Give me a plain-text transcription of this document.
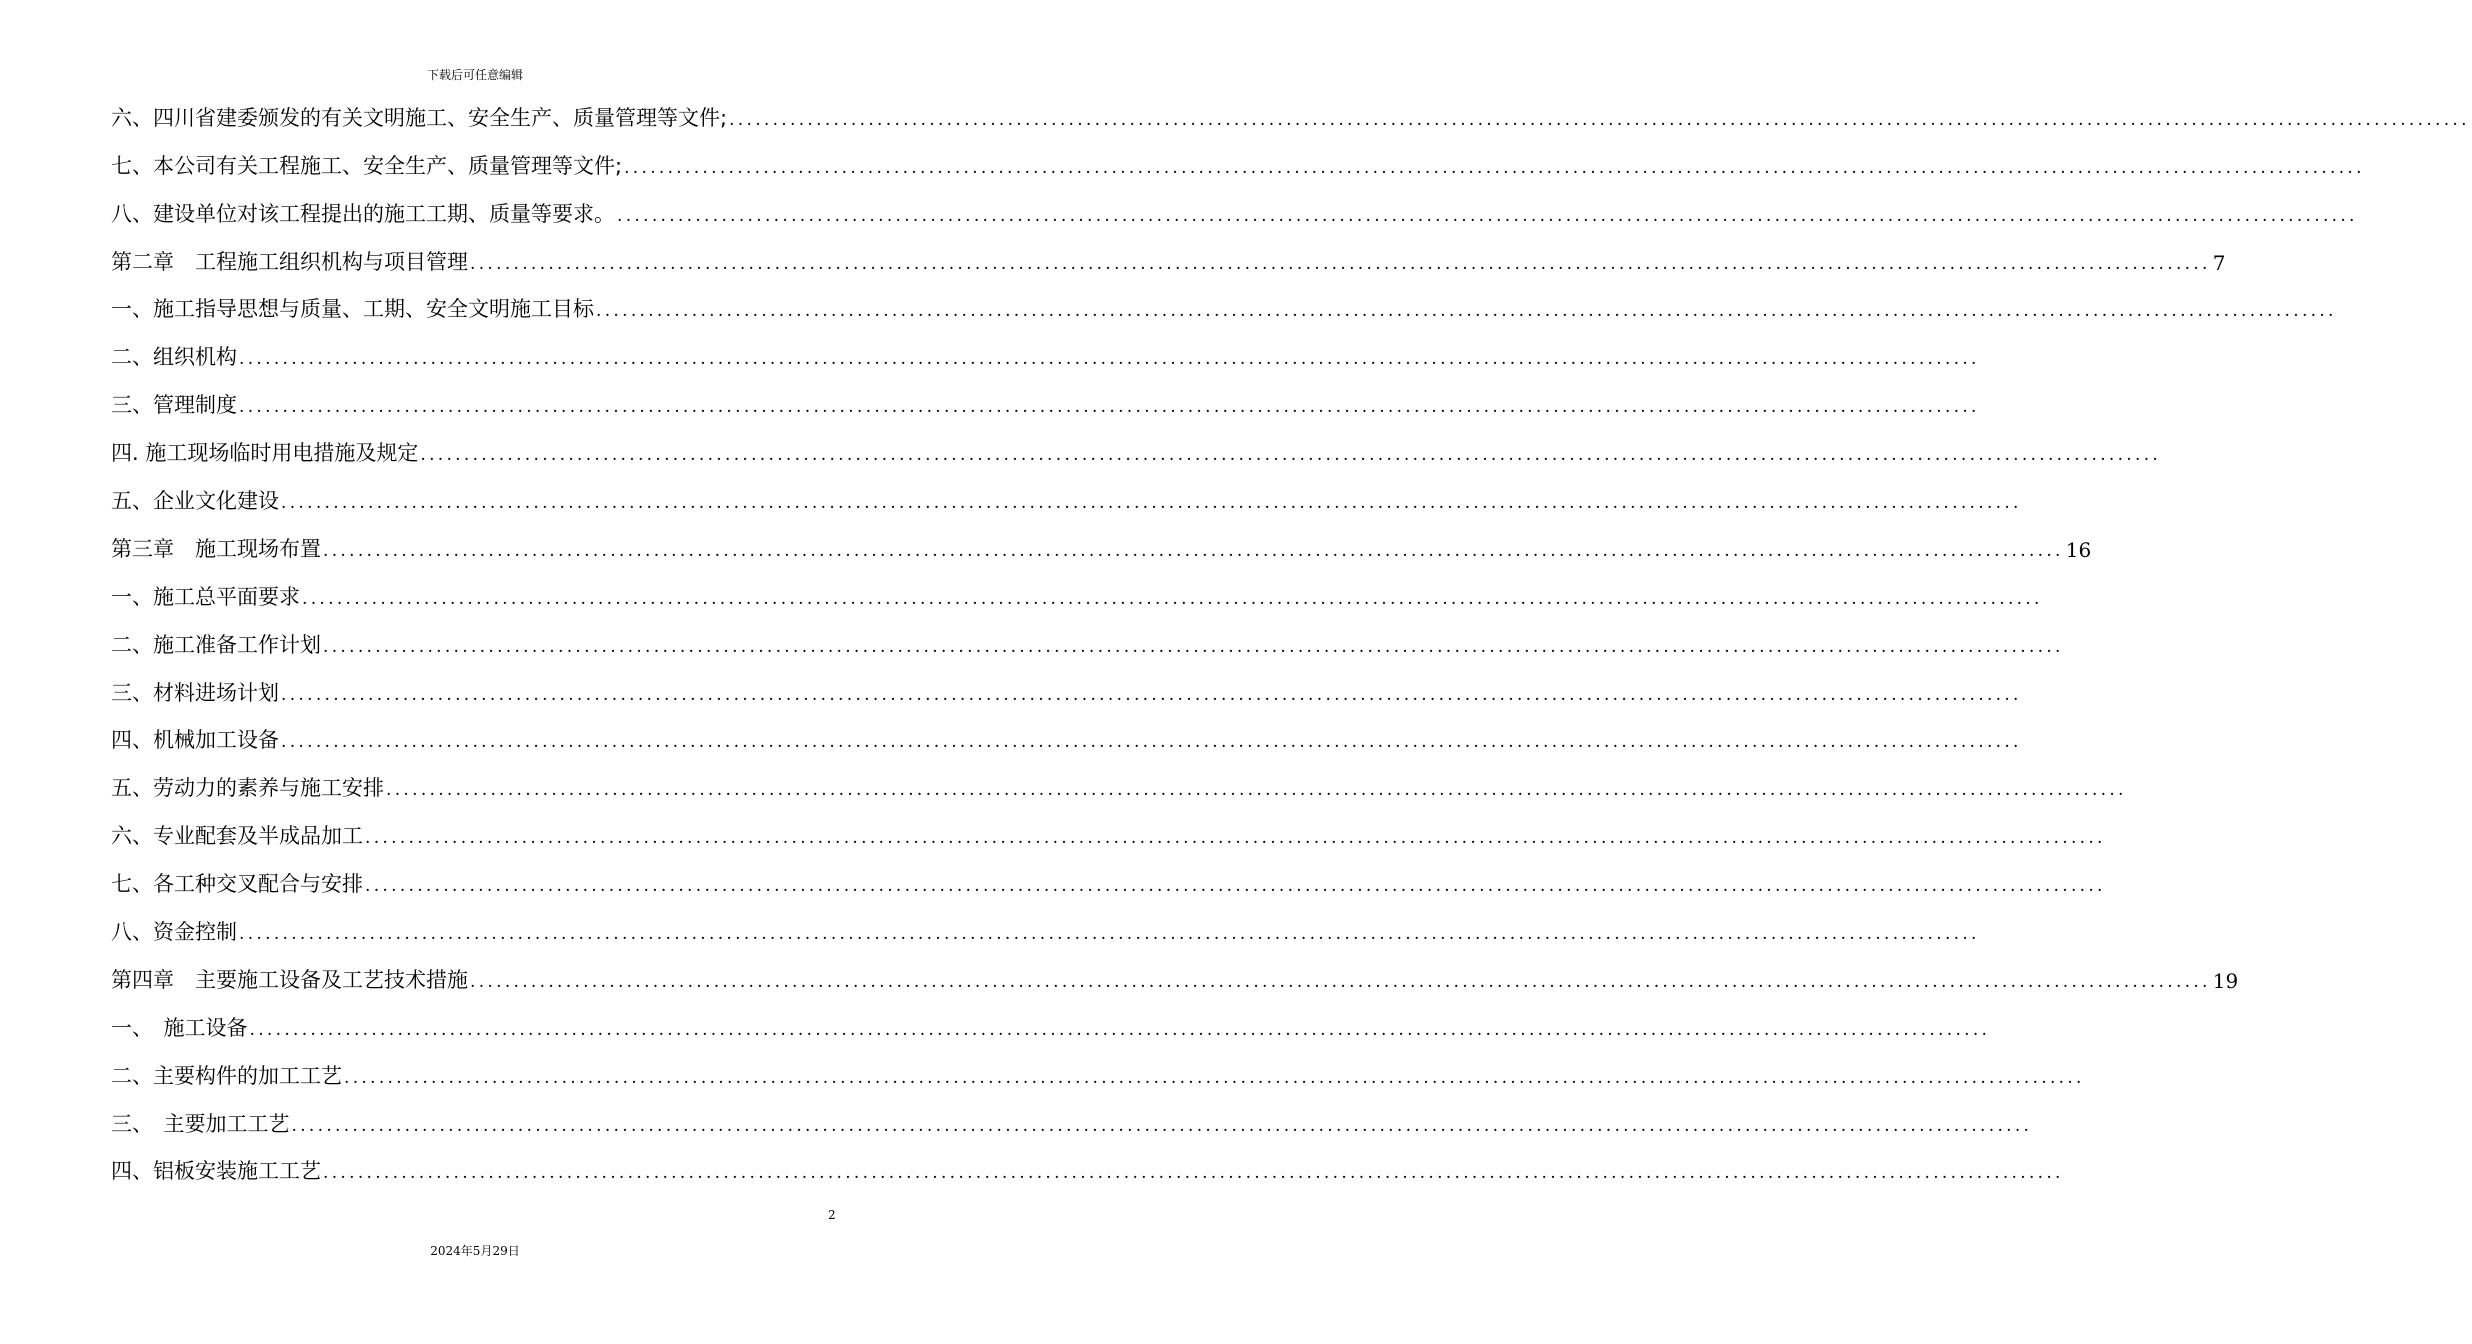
下载后可任意编辑
六、四川省建委颁发的有关文明施工、安全生产、质量管理等文件; ........................................................................................................................................................................................................
七、本公司有关工程施工、安全生产、质量管理等文件; ........................................................................................................................................................................................................
八、建设单位对该工程提出的施工工期、质量等要求。 ........................................................................................................................................................................................................
第二章　工程施工组织机构与项目管理 ........................................................................................................................................................................................................ 7
一、施工指导思想与质量、工期、安全文明施工目标 ........................................................................................................................................................................................................
二、组织机构 ........................................................................................................................................................................................................
三、管理制度 ........................................................................................................................................................................................................
四. 施工现场临时用电措施及规定 ........................................................................................................................................................................................................
五、企业文化建设 ........................................................................................................................................................................................................
第三章　施工现场布置 ........................................................................................................................................................................................................ 16
一、施工总平面要求 ........................................................................................................................................................................................................
二、施工准备工作计划 ........................................................................................................................................................................................................
三、材料进场计划 ........................................................................................................................................................................................................
四、机械加工设备 ........................................................................................................................................................................................................
五、劳动力的素养与施工安排 ........................................................................................................................................................................................................
六、专业配套及半成品加工 ........................................................................................................................................................................................................
七、各工种交叉配合与安排 ........................................................................................................................................................................................................
八、资金控制 ........................................................................................................................................................................................................
第四章　主要施工设备及工艺技术措施 ........................................................................................................................................................................................................ 19
一、　施工设备 ........................................................................................................................................................................................................
二、主要构件的加工工艺 ........................................................................................................................................................................................................
三、　主要加工工艺 ........................................................................................................................................................................................................
四、铝板安装施工工艺 ........................................................................................................................................................................................................
2
2024年5月29日
